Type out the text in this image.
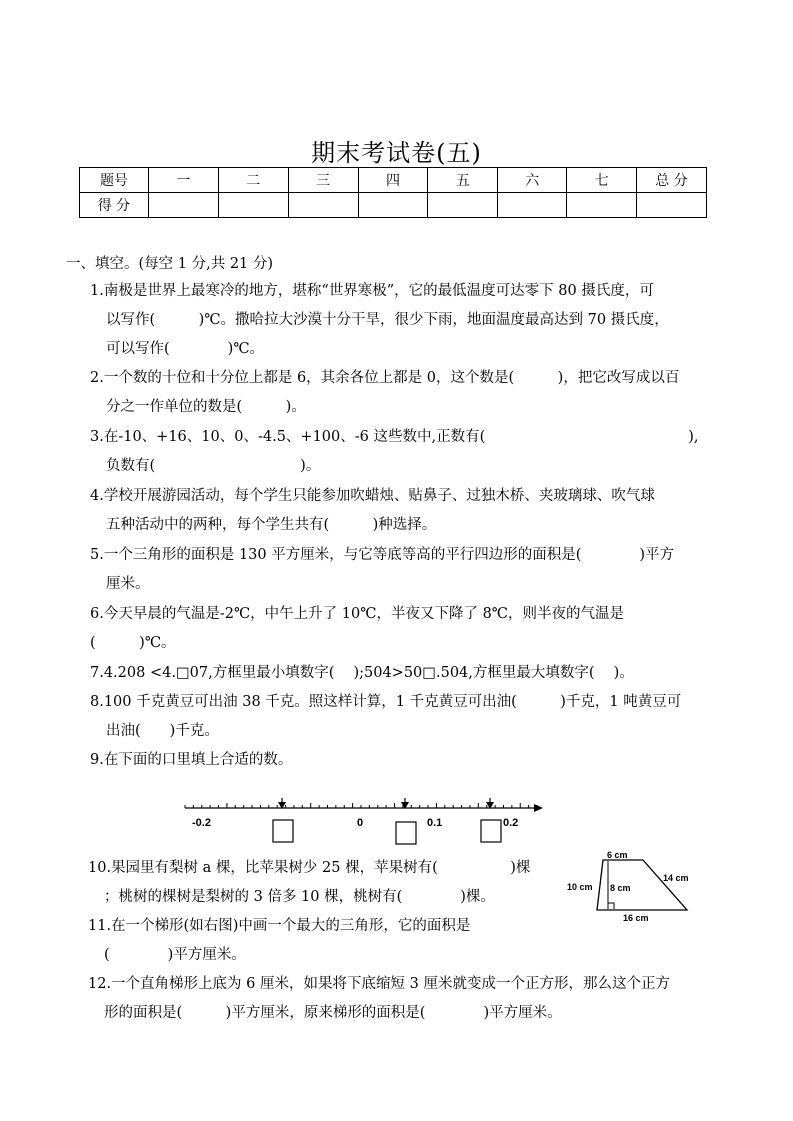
期末考试卷(五)
题号	一	二	三	四	五	六	七	总 分
得 分								
一、填空。(每空 1 分,共 21 分)
1.南极是世界上最寒冷的地方，堪称“世界寒极”，它的最低温度可达零下 80 摄氏度，可
以写作(　　　)℃。撒哈拉大沙漠十分干旱，很少下雨，地面温度最高达到 70 摄氏度，
可以写作(　　　　)℃。
2.一个数的十位和十分位上都是 6，其余各位上都是 0，这个数是(　　　)，把它改写成以百
分之一作单位的数是(　　　)。
3.在-10、+16、10、0、-4.5、+100、-6 这些数中,正数有(　　　　　　　　　　　　　　),
负数有(　　　　　　　　　　)。
4.学校开展游园活动，每个学生只能参加吹蜡烛、贴鼻子、过独木桥、夹玻璃球、吹气球
五种活动中的两种，每个学生共有(　　　)种选择。
5.一个三角形的面积是 130 平方厘米，与它等底等高的平行四边形的面积是(　　　　)平方
厘米。
6.今天早晨的气温是-2℃，中午上升了 10℃，半夜又下降了 8℃，则半夜的气温是
(　　　)℃。
7.4.208 <4.□07,方框里最小填数字(　 );504>50□.504,方框里最大填数字(　 )。
8.100 千克黄豆可出油 38 千克。照这样计算，1 千克黄豆可出油(　　　)千克，1 吨黄豆可
出油(　　)千克。
9.在下面的口里填上合适的数。
-0.2	0	0.1	0.2
10.果园里有梨树 a 棵，比苹果树少 25 棵，苹果树有(　　　　　)棵
；桃树的棵树是梨树的 3 倍多 10 棵，桃树有(　　　　)棵。
6 cm
14 cm
10 cm 8 cm
16 cm
11.在一个梯形(如右图)中画一个最大的三角形，它的面积是
(　　　　)平方厘米。
12.一个直角梯形上底为 6 厘米，如果将下底缩短 3 厘米就变成一个正方形，那么这个正方
形的面积是(　　　)平方厘米，原来梯形的面积是(　　　　)平方厘米。
